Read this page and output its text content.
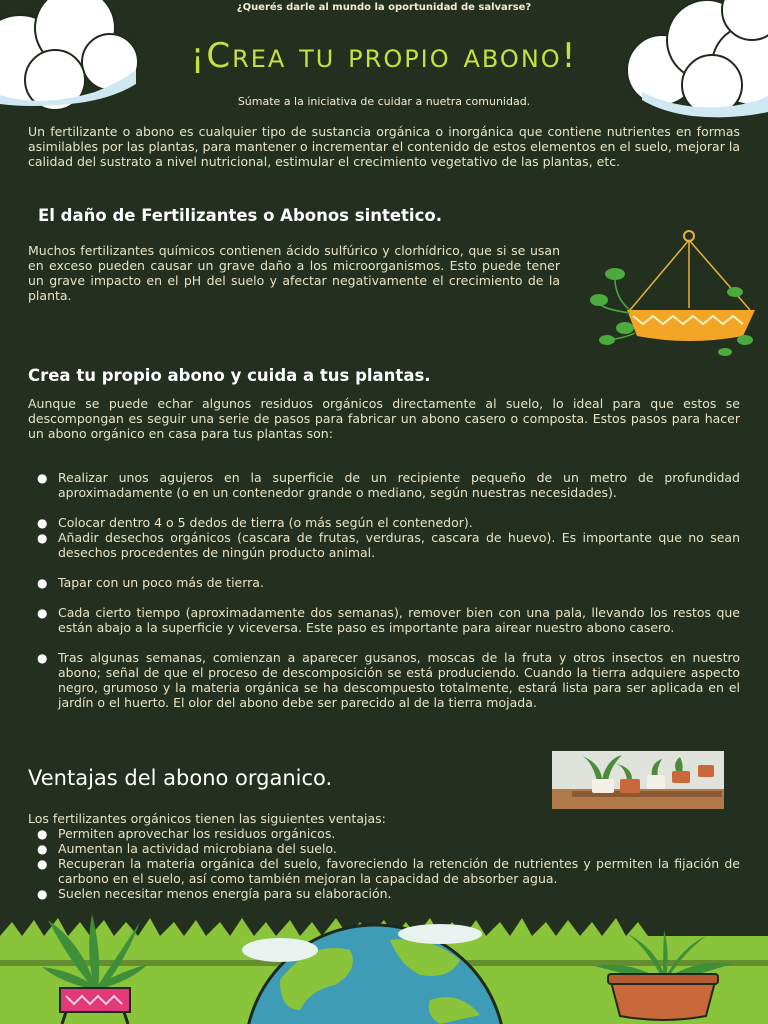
¿Querés darle al mundo la oportunidad de salvarse?
¡Crea tu propio abono!
Súmate a la iniciativa de cuidar a nuetra comunidad.
Un fertilizante o abono es cualquier tipo de sustancia orgánica o inorgánica que contiene nutrientes en formas asimilables por las plantas, para mantener o incrementar el contenido de estos elementos en el suelo, mejorar la calidad del sustrato a nivel nutricional, estimular el crecimiento vegetativo de las plantas, etc.
El daño de Fertilizantes o Abonos sintetico.
Muchos fertilizantes químicos contienen ácido sulfúrico y clorhídrico, que si se usan en exceso pueden causar un grave daño a los microorganismos. Esto puede tener un grave impacto en el pH del suelo y afectar negativamente el crecimiento de la planta.
Crea tu propio abono y cuida a tus plantas.
Aunque se puede echar algunos residuos orgánicos directamente al suelo, lo ideal para que estos se descompongan es seguir una serie de pasos para fabricar un abono casero o composta. Estos pasos para hacer un abono orgánico en casa para tus plantas son:
● Realizar unos agujeros en la superficie de un recipiente pequeño de un metro de profundidad aproximadamente (o en un contenedor grande o mediano, según nuestras necesidades).
● Colocar dentro 4 o 5 dedos de tierra (o más según el contenedor).
● Añadir desechos orgánicos (cascara de frutas, verduras, cascara de huevo). Es importante que no sean desechos procedentes de ningún producto animal.
● Tapar con un poco más de tierra.
● Cada cierto tiempo (aproximadamente dos semanas), remover bien con una pala, llevando los restos que están abajo a la superficie y viceversa. Este paso es importante para airear nuestro abono casero.
● Tras algunas semanas, comienzan a aparecer gusanos, moscas de la fruta y otros insectos en nuestro abono; señal de que el proceso de descomposición se está produciendo. Cuando la tierra adquiere aspecto negro, grumoso y la materia orgánica se ha descompuesto totalmente, estará lista para ser aplicada en el jardín o el huerto. El olor del abono debe ser parecido al de la tierra mojada.
Ventajas del abono organico.
Los fertilizantes orgánicos tienen las siguientes ventajas:
● Permiten aprovechar los residuos orgánicos.
● Aumentan la actividad microbiana del suelo.
● Recuperan la materia orgánica del suelo, favoreciendo la retención de nutrientes y permiten la fijación de carbono en el suelo, así como también mejoran la capacidad de absorber agua.
● Suelen necesitar menos energía para su elaboración.
